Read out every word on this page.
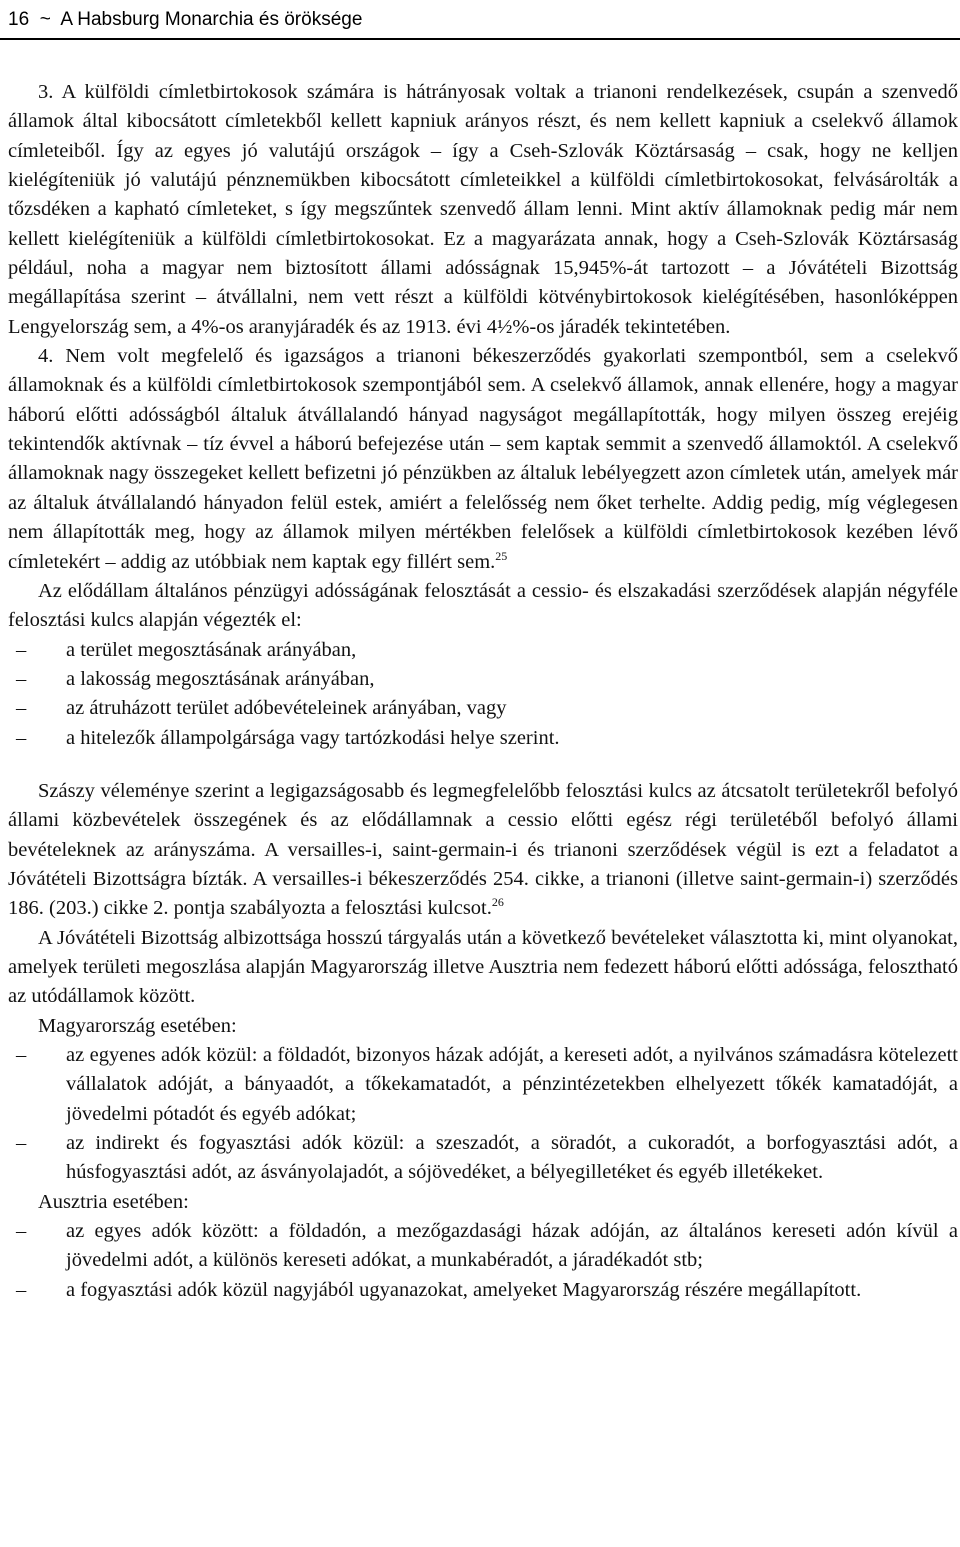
16 ~ A Habsburg Monarchia és öröksége

3. A külföldi címletbirtokosok számára is hátrányosak voltak a trianoni rendelkezések, csupán a szenvedő államok által kibocsátott címletekből kellett kapniuk arányos részt, és nem kellett kapniuk a cselekvő államok címleteiből. Így az egyes jó valutájú országok – így a Cseh-Szlovák Köztársaság – csak, hogy ne kelljen kielégíteniük jó valutájú pénznemükben kibocsátott címleteikkel a külföldi címletbirtokosokat, felvásárolták a tőzsdéken a kapható címleteket, s így megszűntek szenvedő állam lenni. Mint aktív államoknak pedig már nem kellett kielégíteniük a külföldi címletbirtokosokat. Ez a magyarázata annak, hogy a Cseh-Szlovák Köztársaság például, noha a magyar nem biztosított állami adósságnak 15,945%-át tartozott – a Jóvátételi Bizottság megállapítása szerint – átvállalni, nem vett részt a külföldi kötvénybirtokosok kielégítésében, hasonlóképpen Lengyelország sem, a 4%-os aranyjáradék és az 1913. évi 4½%-os járadék tekintetében.

4. Nem volt megfelelő és igazságos a trianoni békeszerződés gyakorlati szempontból, sem a cselekvő államoknak és a külföldi címletbirtokosok szempontjából sem. A cselekvő államok, annak ellenére, hogy a magyar háború előtti adósságból általuk átvállalandó hányad nagyságot megállapították, hogy milyen összeg erejéig tekintendők aktívnak – tíz évvel a háború befejezése után – sem kaptak semmit a szenvedő államoktól. A cselekvő államoknak nagy összegeket kellett befizetni jó pénzükben az általuk lebélyegzett azon címletek után, amelyek már az általuk átvállalandó hányadon felül estek, amiért a felelősség nem őket terhelte. Addig pedig, míg véglegesen nem állapították meg, hogy az államok milyen mértékben felelősek a külföldi címletbirtokosok kezében lévő címletekért – addig az utóbbiak nem kaptak egy fillért sem.$^{25}$

Az elődállam általános pénzügyi adósságának felosztását a cessio- és elszakadási szerződések alapján négyféle felosztási kulcs alapján végezték el:

– a terület megosztásának arányában,
– a lakosság megosztásának arányában,
– az átruházott terület adóbevételeinek arányában, vagy
– a hitelezők állampolgársága vagy tartózkodási helye szerint.

Szászy véleménye szerint a legigazságosabb és legmegfelelőbb felosztási kulcs az átcsatolt területekről befolyó állami közbevételek összegének és az elődállamnak a cessio előtti egész régi területéből befolyó állami bevételeknek az arányszáma. A versailles-i, saint-germain-i és trianoni szerződések végül is ezt a feladatot a Jóvátételi Bizottságra bízták. A versailles-i békeszerződés 254. cikke, a trianoni (illetve saint-germain-i) szerződés 186. (203.) cikke 2. pontja szabályozta a felosztási kulcsot.$^{26}$

A Jóvátételi Bizottság albizottsága hosszú tárgyalás után a következő bevételeket választotta ki, mint olyanokat, amelyek területi megoszlása alapján Magyarország illetve Ausztria nem fedezett háború előtti adóssága, felosztható az utódállamok között.

Magyarország esetében:

– az egyenes adók közül: a földadót, bizonyos házak adóját, a kereseti adót, a nyilvános számadásra kötelezett vállalatok adóját, a bányaadót, a tőkekamatadót, a pénzintézetekben elhelyezett tőkék kamatadóját, a jövedelmi pótadót és egyéb adókat;
– az indirekt és fogyasztási adók közül: a szeszadót, a söradót, a cukoradót, a borfogyasztási adót, a húsfogyasztási adót, az ásványolajadót, a sójövedéket, a bélyegilletéket és egyéb illetékeket.

Ausztria esetében:

– az egyes adók között: a földadón, a mezőgazdasági házak adóján, az általános kereseti adón kívül a jövedelmi adót, a különös kereseti adókat, a munkabéradót, a járadékadót stb;
– a fogyasztási adók közül nagyjából ugyanazokat, amelyeket Magyarország részére megállapított.
